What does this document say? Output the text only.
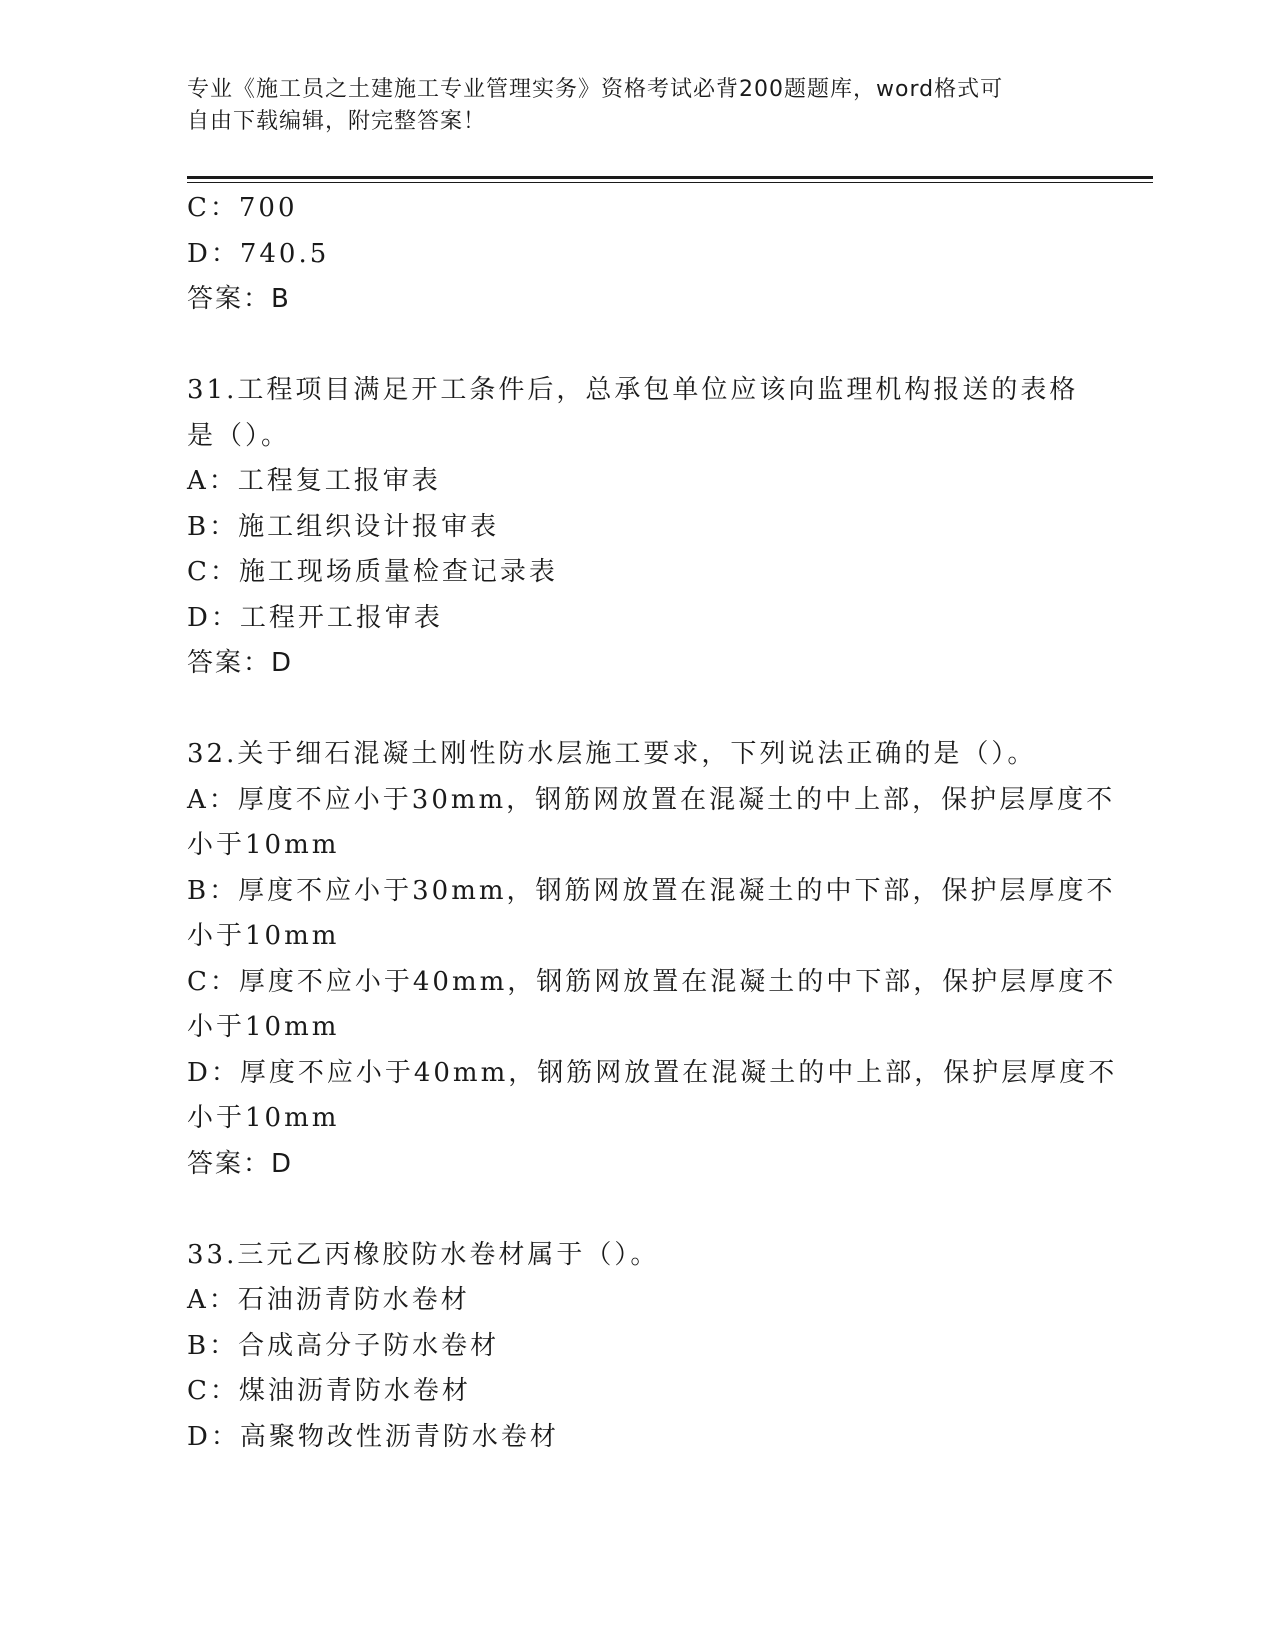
专业《施工员之土建施工专业管理实务》资格考试必背200题题库，word格式可
自由下载编辑，附完整答案！
C：700
D：740.5
答案：B
31.工程项目满足开工条件后，总承包单位应该向监理机构报送的表格
是（）。
A：工程复工报审表
B：施工组织设计报审表
C：施工现场质量检查记录表
D：工程开工报审表
答案：D
32.关于细石混凝土刚性防水层施工要求，下列说法正确的是（）。
A：厚度不应小于30mm，钢筋网放置在混凝土的中上部，保护层厚度不
小于10mm
B：厚度不应小于30mm，钢筋网放置在混凝土的中下部，保护层厚度不
小于10mm
C：厚度不应小于40mm，钢筋网放置在混凝土的中下部，保护层厚度不
小于10mm
D：厚度不应小于40mm，钢筋网放置在混凝土的中上部，保护层厚度不
小于10mm
答案：D
33.三元乙丙橡胶防水卷材属于（）。
A：石油沥青防水卷材
B：合成高分子防水卷材
C：煤油沥青防水卷材
D：高聚物改性沥青防水卷材
